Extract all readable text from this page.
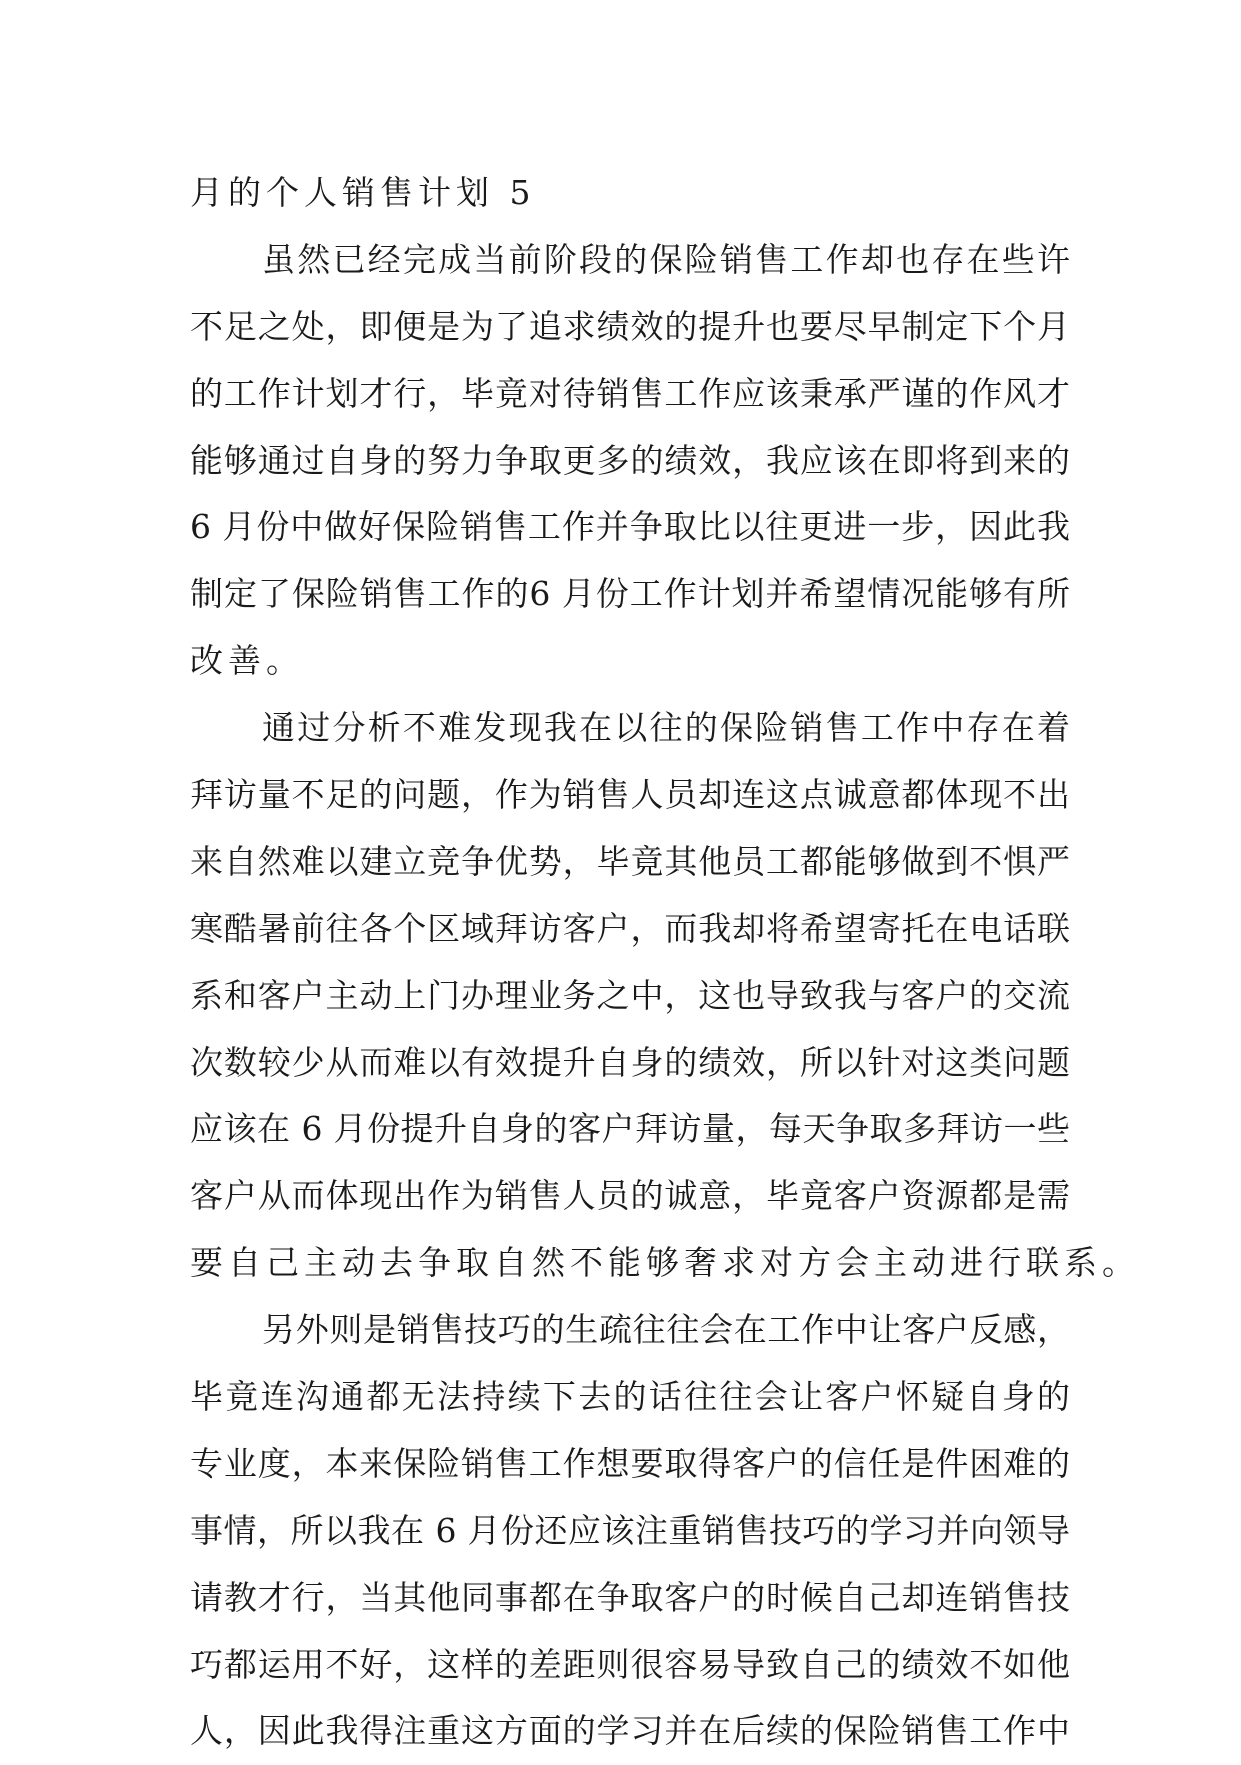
月的个人销售计划 5
虽然已经完成当前阶段的保险销售工作却也存在些许
不足之处，即便是为了追求绩效的提升也要尽早制定下个月
的工作计划才行，毕竟对待销售工作应该秉承严谨的作风才
能够通过自身的努力争取更多的绩效，我应该在即将到来的
6 月份中做好保险销售工作并争取比以往更进一步，因此我
制定了保险销售工作的6 月份工作计划并希望情况能够有所
改善。
通过分析不难发现我在以往的保险销售工作中存在着
拜访量不足的问题，作为销售人员却连这点诚意都体现不出
来自然难以建立竞争优势，毕竟其他员工都能够做到不惧严
寒酷暑前往各个区域拜访客户，而我却将希望寄托在电话联
系和客户主动上门办理业务之中，这也导致我与客户的交流
次数较少从而难以有效提升自身的绩效，所以针对这类问题
应该在 6 月份提升自身的客户拜访量，每天争取多拜访一些
客户从而体现出作为销售人员的诚意，毕竟客户资源都是需
要自己主动去争取自然不能够奢求对方会主动进行联系。
另外则是销售技巧的生疏往往会在工作中让客户反感，
毕竟连沟通都无法持续下去的话往往会让客户怀疑自身的
专业度，本来保险销售工作想要取得客户的信任是件困难的
事情，所以我在 6 月份还应该注重销售技巧的学习并向领导
请教才行，当其他同事都在争取客户的时候自己却连销售技
巧都运用不好，这样的差距则很容易导致自己的绩效不如他
人，因此我得注重这方面的学习并在后续的保险销售工作中
